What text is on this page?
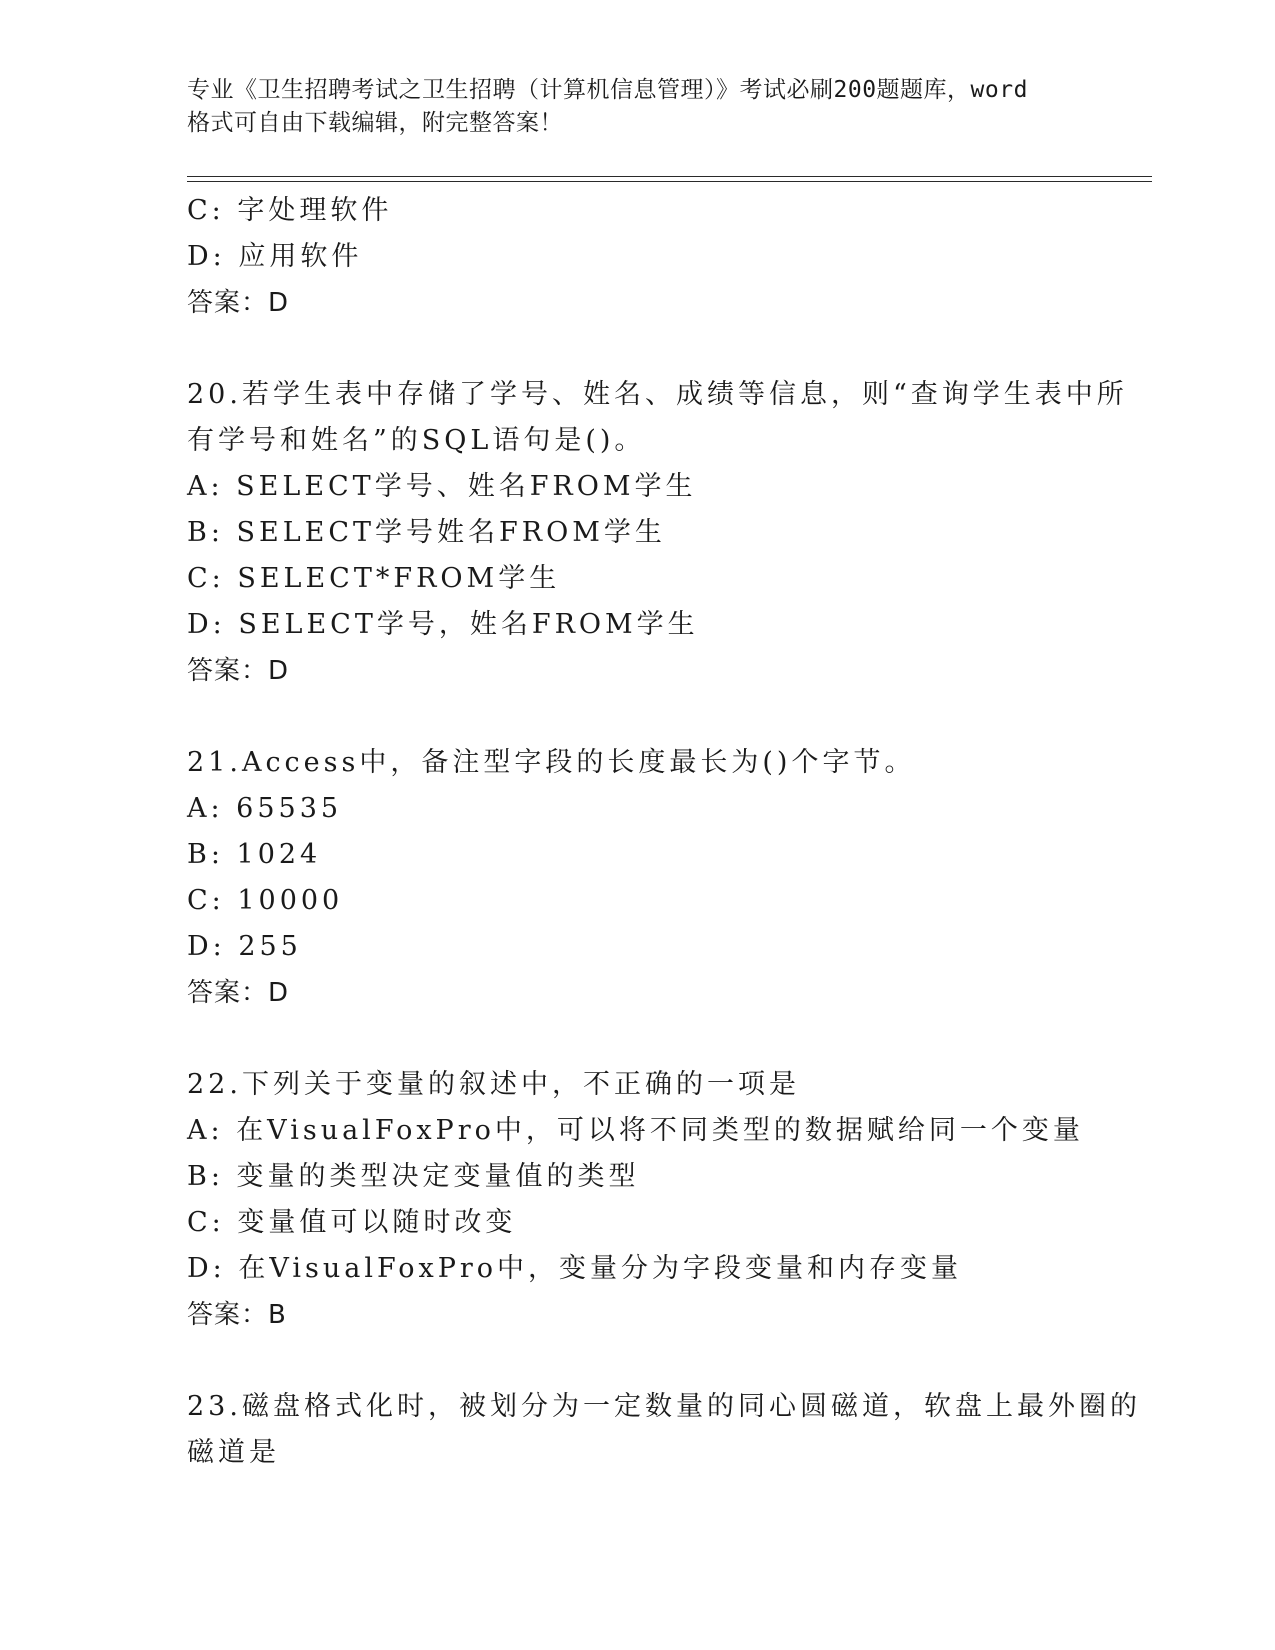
专业《卫生招聘考试之卫生招聘（计算机信息管理）》考试必刷200题题库，word
格式可自由下载编辑，附完整答案！
C: 字处理软件
D: 应用软件
答案：D
20.若学生表中存储了学号、姓名、成绩等信息，则“查询学生表中所
有学号和姓名”的SQL语句是()。
A: SELECT学号、姓名FROM学生
B: SELECT学号姓名FROM学生
C: SELECT*FROM学生
D: SELECT学号，姓名FROM学生
答案：D
21.Access中，备注型字段的长度最长为()个字节。
A: 65535
B: 1024
C: 10000
D: 255
答案：D
22.下列关于变量的叙述中，不正确的一项是
A: 在VisualFoxPro中，可以将不同类型的数据赋给同一个变量
B: 变量的类型决定变量值的类型
C: 变量值可以随时改变
D: 在VisualFoxPro中，变量分为字段变量和内存变量
答案：B
23.磁盘格式化时，被划分为一定数量的同心圆磁道，软盘上最外圈的
磁道是
